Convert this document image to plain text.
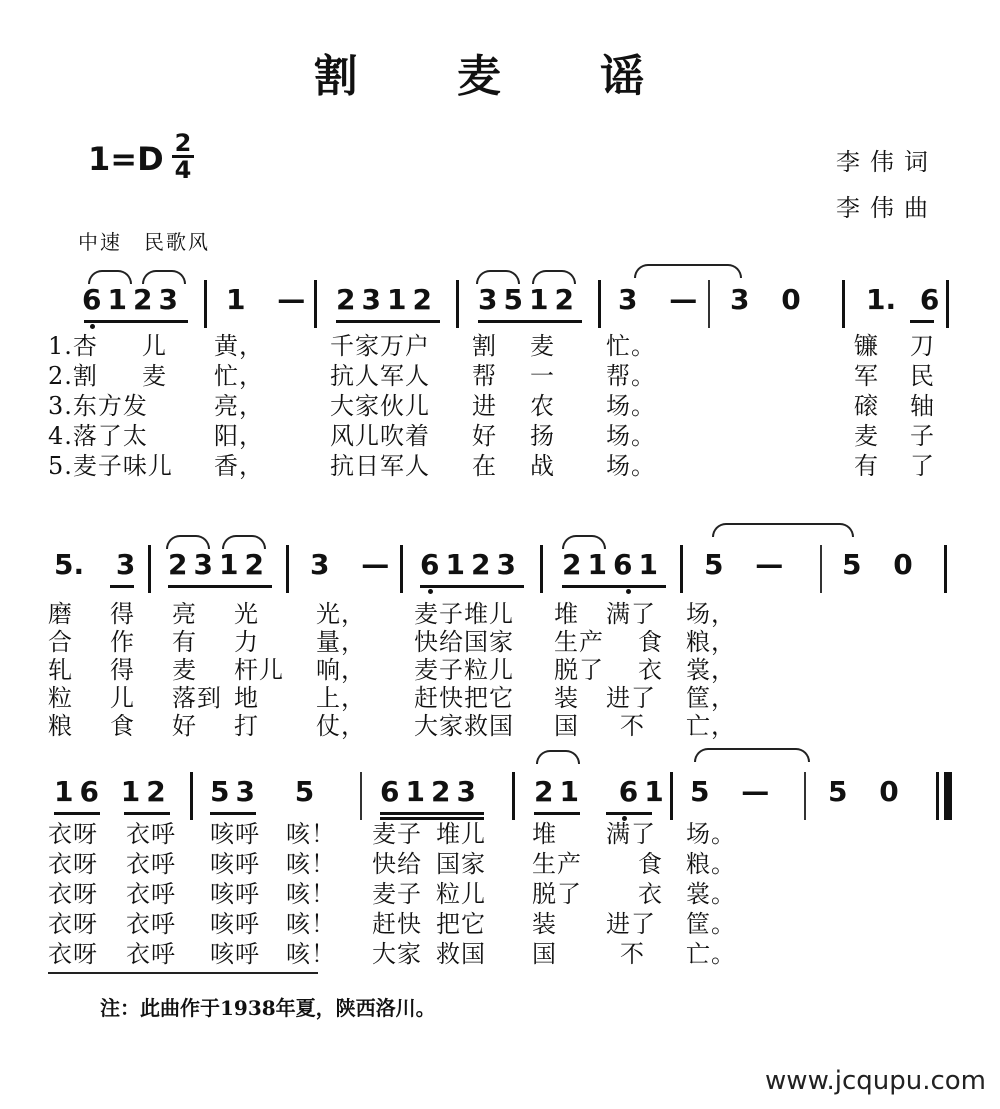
割 麦 谣
1=D 2
4	李伟词
李伟曲
中速　民歌风
6123 1 — 2312 3512 3 — 3 0 1. 6
1.杏 儿 黄，	千家万户 割 麦 忙。	镰 刀
2.割 麦 忙，	抗人军人 帮 一 帮。	军 民
3.东方发	亮，	大家伙儿 进 农 场。	磙 轴
4.落了太	阳，	风儿吹着 好 扬 场。	麦 子
5.麦子味儿 香，	抗日军人 在 战 场。	有 了
5. 3 2312 3 — 6123 2161 5 — 5 0
磨 得 亮 光 光， 麦子堆儿 堆 满了 场，
合 作 有 力 量， 快给国家 生产 食 粮，
轧 得 麦 杆儿 响， 麦子粒儿 脱了 衣 裳，
粒 儿 落到 地 上， 赶快把它 装 进了 筐，
粮 食 好 打 仗， 大家救国 国 不 亡，
16 12 53 5 6123 21 61 5 — 5 0
衣呀 衣呼 咳呼 咳！ 麦子 堆儿 堆 满了 场。
衣呀 衣呼 咳呼 咳！ 快给 国家 生产 食 粮。
衣呀 衣呼 咳呼 咳！ 麦子 粒儿 脱了 衣 裳。
衣呀 衣呼 咳呼 咳！ 赶快 把它 装 进了 筐。
衣呀 衣呼 咳呼 咳！ 大家 救国 国	不 亡。
注：此曲作于1938年夏，陕西洛川。
www.jcqupu.com
